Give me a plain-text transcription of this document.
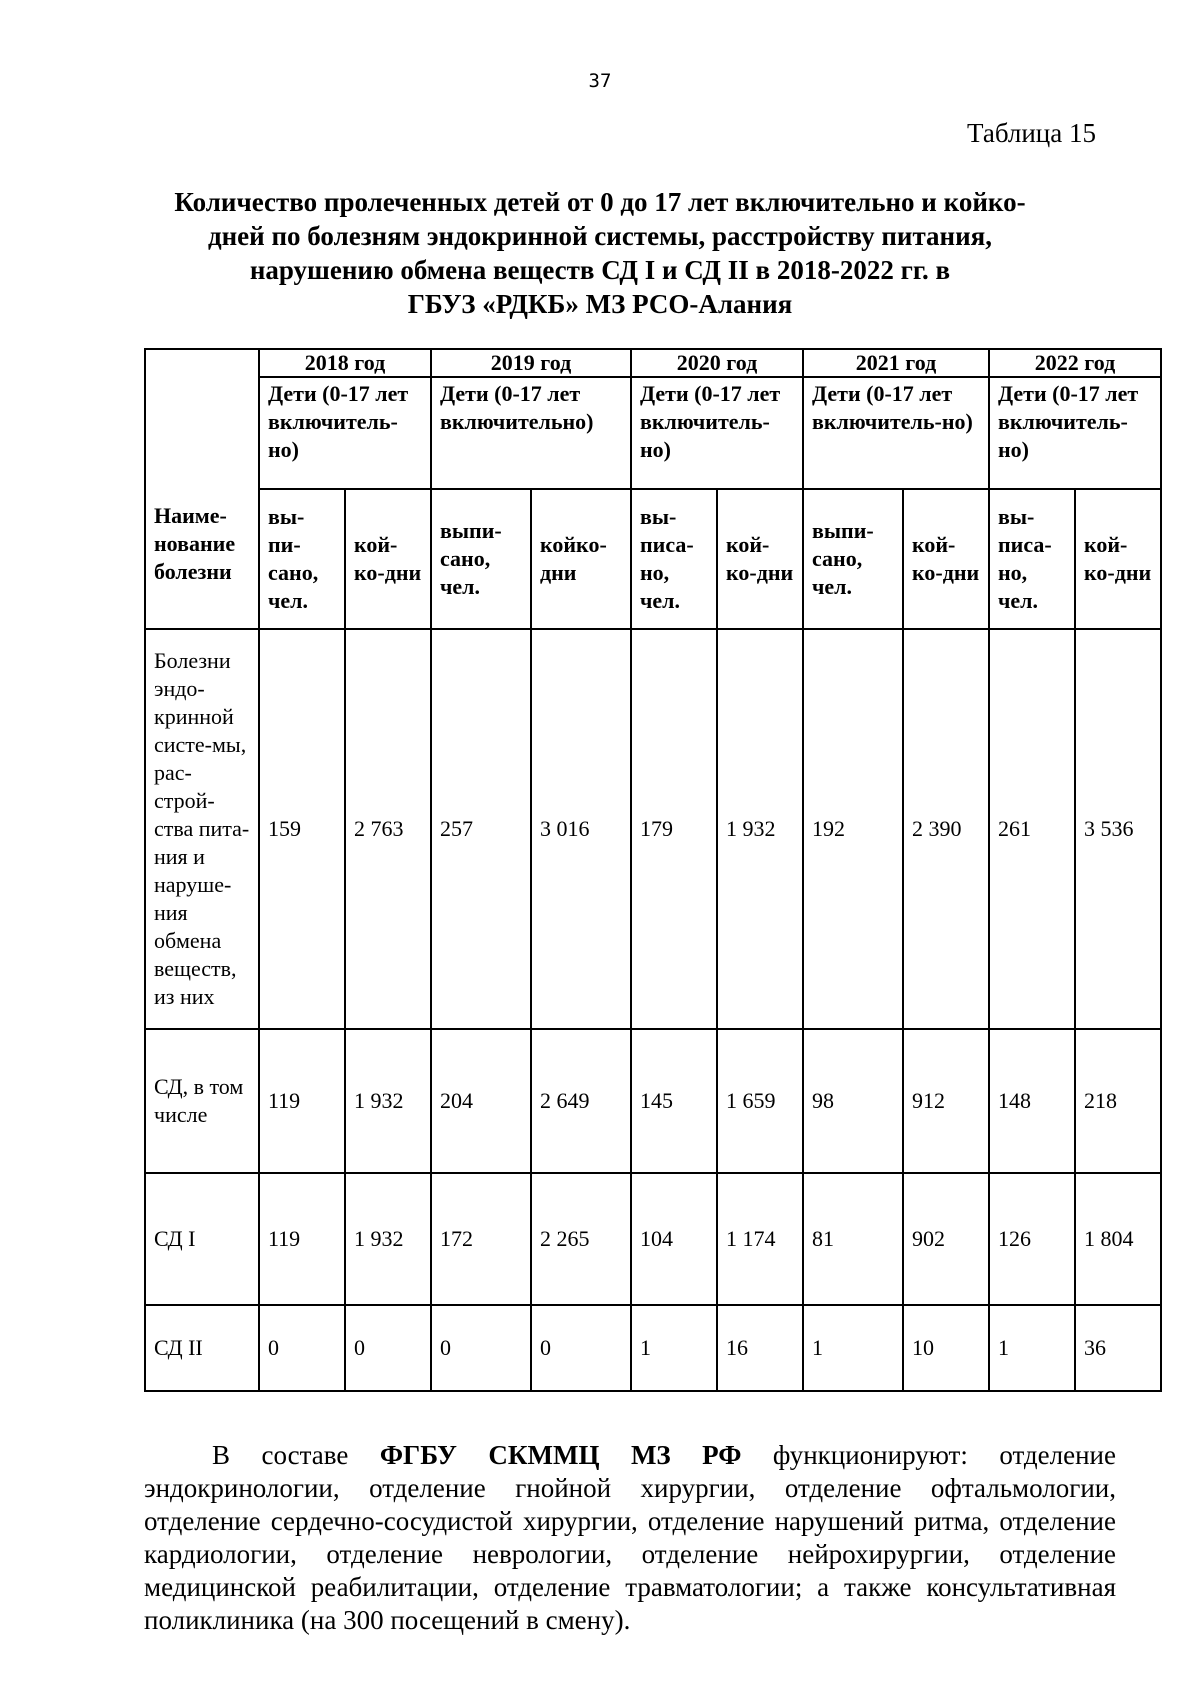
37
Таблица 15
Количество пролеченных детей от 0 до 17 лет включительно и койко-
дней по болезням эндокринной системы, расстройству питания,
нарушению обмена веществ СД I и СД II в 2018-2022 гг. в
ГБУЗ «РДКБ» МЗ РСО-Алания
Наиме-нование болезни	2018 год		2019 год		2020 год		2021 год		2022 год	
	Дети (0-17 лет включитель-но)		Дети (0-17 лет включительно)		Дети (0-17 лет включитель-но)		Дети (0-17 лет включитель-но)		Дети (0-17 лет включитель-но)	
	вы-пи-сано, чел.	кой-ко-дни	выпи-сано, чел.	койко-дни	вы-писа-но, чел.	кой-ко-дни	выпи-сано, чел.	кой-ко-дни	вы-писа-но, чел.	кой-ко-дни
Болезни эндо-кринной систе-мы, рас-строй-ства пита-ния и наруше-ния обмена веществ, из них	159	2 763	257	3 016	179	1 932	192	2 390	261	3 536
СД, в том числе	119	1 932	204	2 649	145	1 659	98	912	148	218
СД I	119	1 932	172	2 265	104	1 174	81	902	126	1 804
СД II	0	0	0	0	1	16	1	10	1	36

В составе ФГБУ СКММЦ МЗ РФ функционируют: отделение эндокринологии, отделение гнойной хирургии, отделение офтальмологии, отделение сердечно-сосудистой хирургии, отделение нарушений ритма, отделение кардиологии, отделение неврологии, отделение нейрохирургии, отделение медицинской реабилитации, отделение травматологии; а также консультативная поликлиника (на 300 посещений в смену).
